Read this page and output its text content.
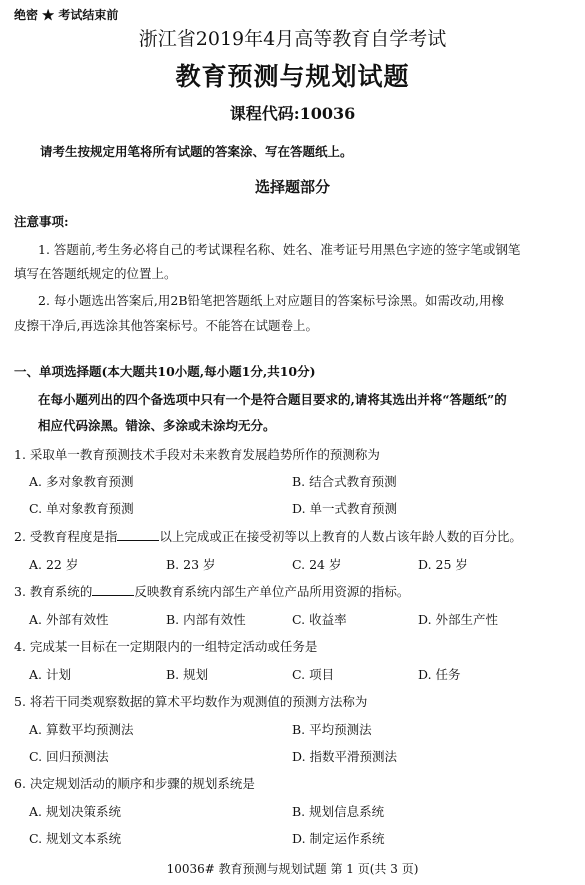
绝密 ★ 考试结束前
浙江省2019年4月高等教育自学考试
教育预测与规划试题
课程代码:10036
请考生按规定用笔将所有试题的答案涂、写在答题纸上。
选择题部分
注意事项:
1. 答题前,考生务必将自己的考试课程名称、姓名、准考证号用黑色字迹的签字笔或钢笔
填写在答题纸规定的位置上。
2. 每小题选出答案后,用2B铅笔把答题纸上对应题目的答案标号涂黑。如需改动,用橡
皮擦干净后,再选涂其他答案标号。不能答在试题卷上。
一、单项选择题(本大题共10小题,每小题1分,共10分)
在每小题列出的四个备选项中只有一个是符合题目要求的,请将其选出并将“答题纸”的
相应代码涂黑。错涂、多涂或未涂均无分。
1. 采取单一教育预测技术手段对未来教育发展趋势所作的预测称为
A. 多对象教育预测	B. 结合式教育预测
C. 单对象教育预测	D. 单一式教育预测
2. 受教育程度是指	以上完成或正在接受初等以上教育的人数占该年龄人数的百分比。
A. 22 岁	B. 23 岁	C. 24 岁	D. 25 岁
3. 教育系统的	反映教育系统内部生产单位产品所用资源的指标。
A. 外部有效性	B. 内部有效性	C. 收益率	D. 外部生产性
4. 完成某一目标在一定期限内的一组特定活动或任务是
A. 计划	B. 规划	C. 项目	D. 任务
5. 将若干同类观察数据的算术平均数作为观测值的预测方法称为
A. 算数平均预测法	B. 平均预测法
C. 回归预测法	D. 指数平滑预测法
6. 决定规划活动的顺序和步骤的规划系统是
A. 规划决策系统	B. 规划信息系统
C. 规划文本系统	D. 制定运作系统
10036# 教育预测与规划试题 第 1 页(共 3 页)
